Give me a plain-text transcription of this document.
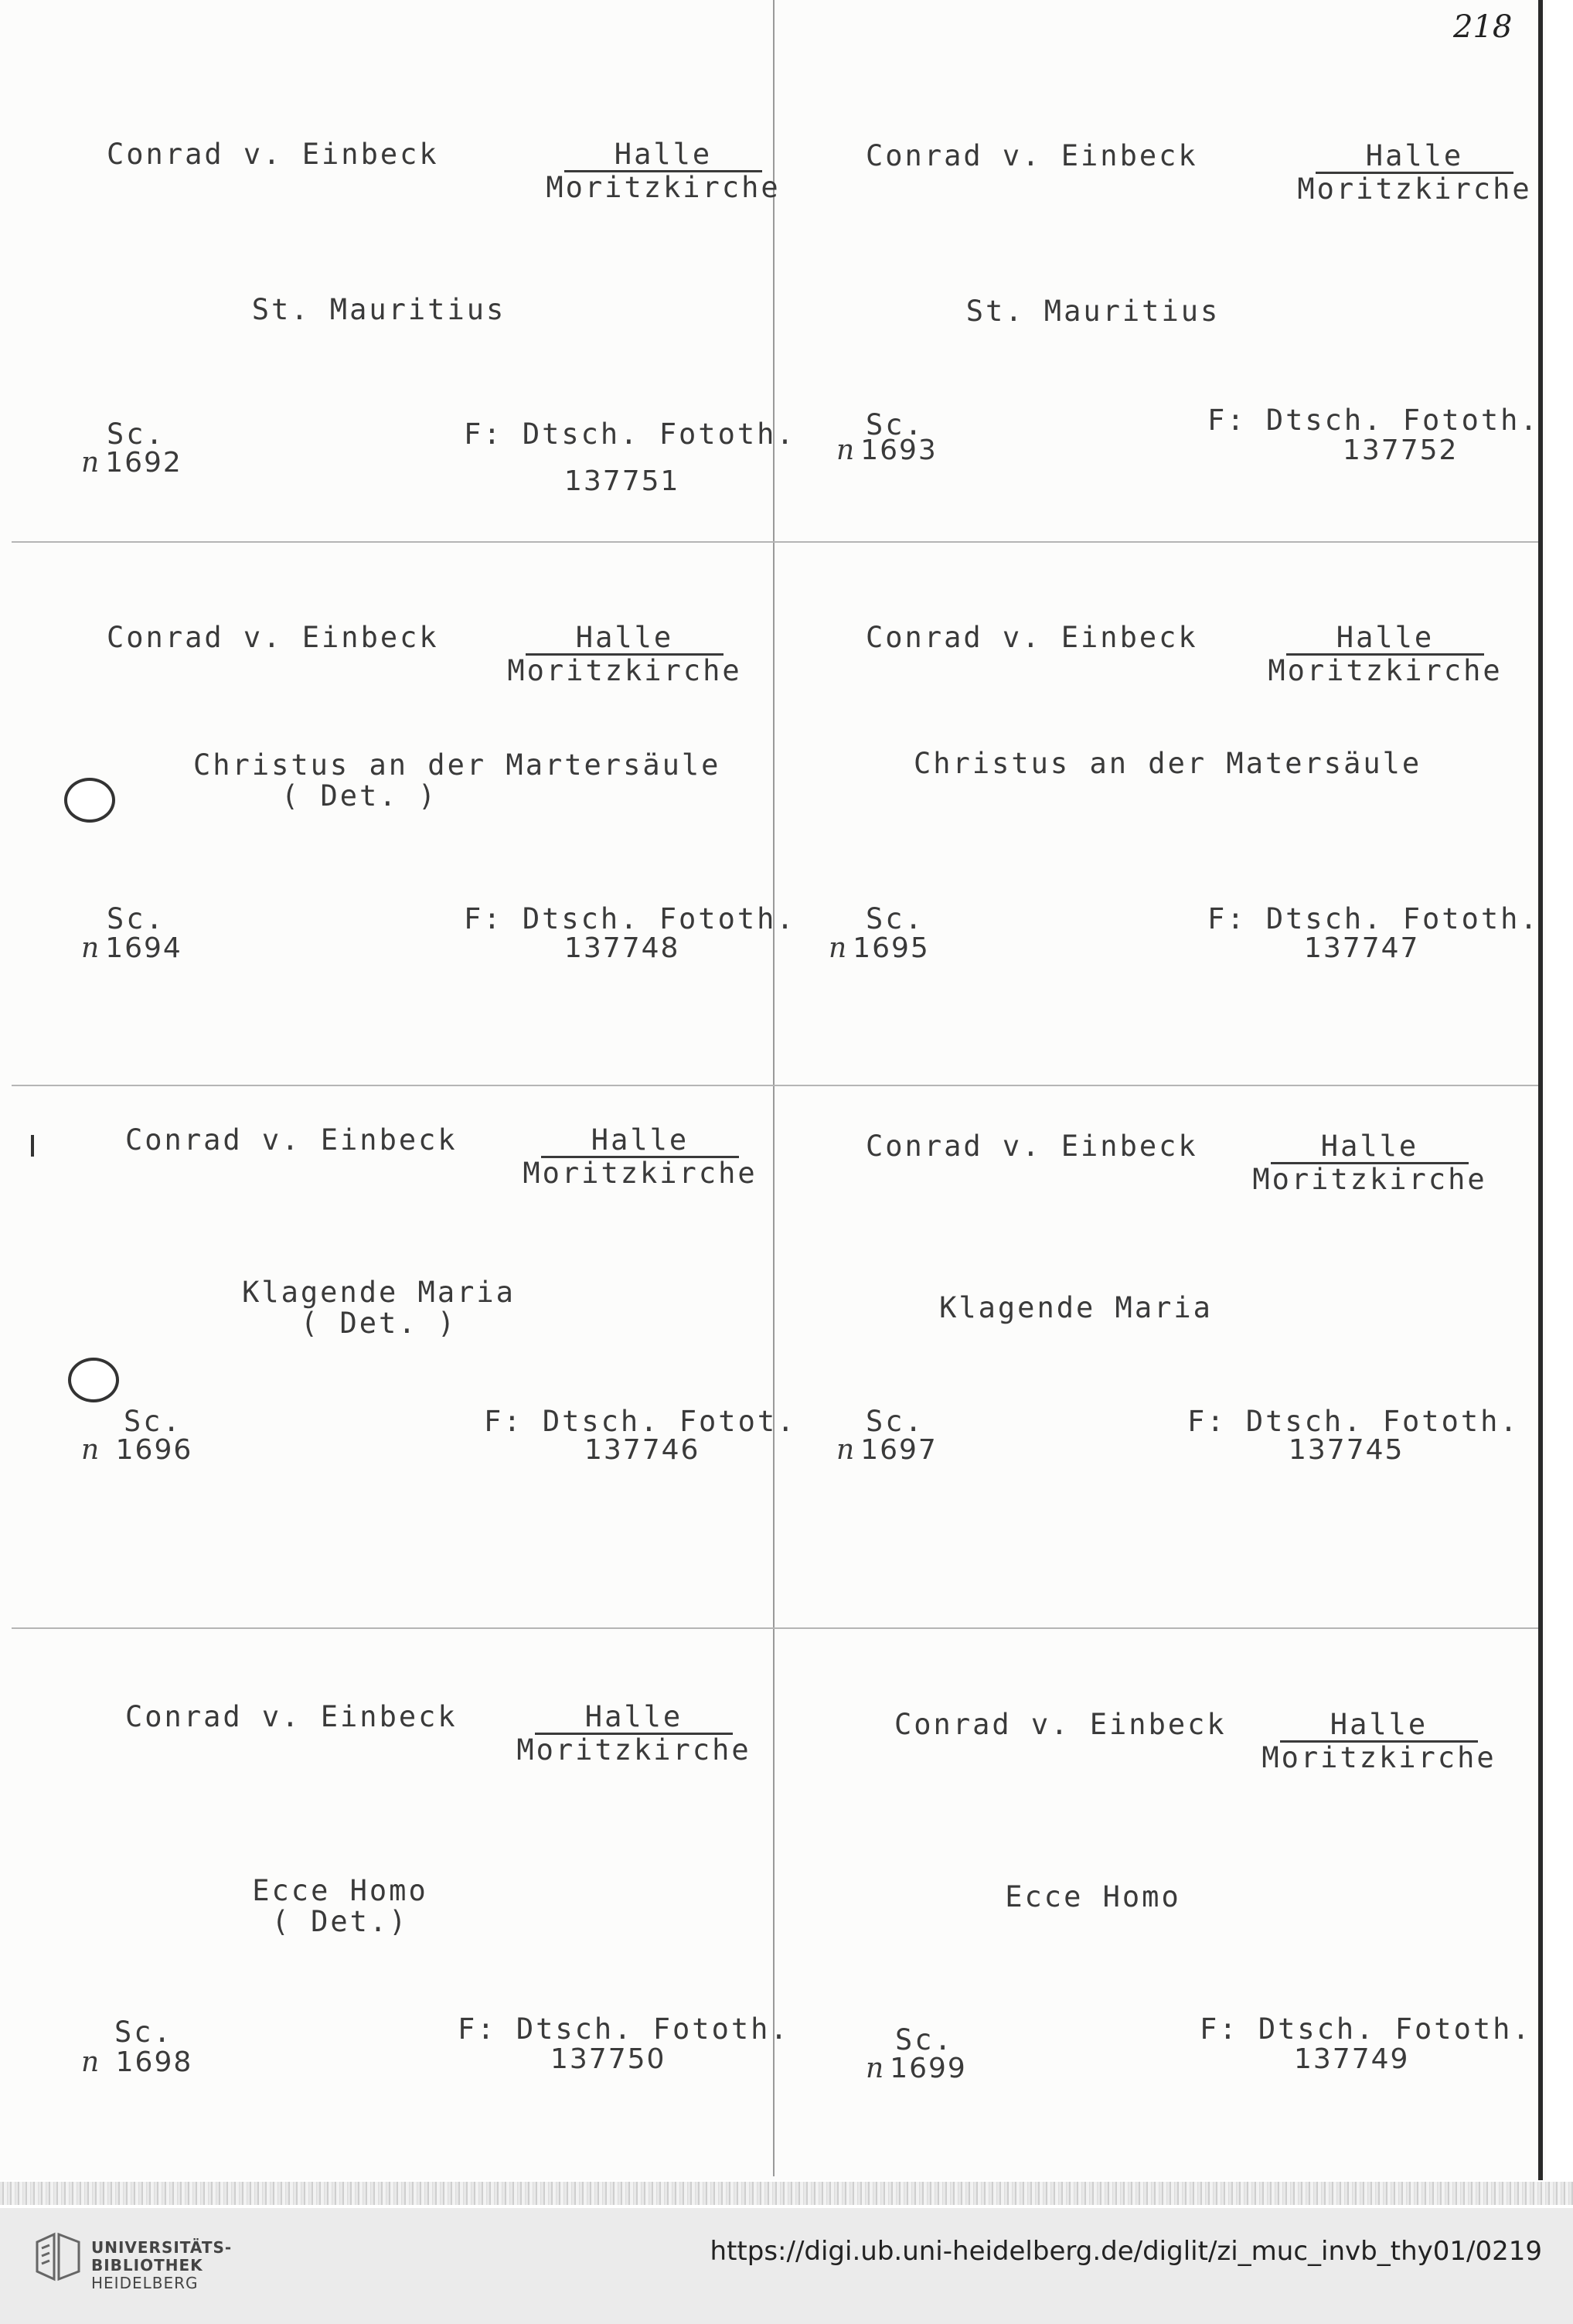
218
Conrad v. Einbeck	Halle
Moritzkirche
St. Mauritius
Sc.
n 1692
F: Dtsch. Fototh.
137751
Conrad v. Einbeck	Halle
Moritzkirche
St. Mauritius
Sc.
n 1693
F: Dtsch. Fototh.
137752
Conrad v. Einbeck	Halle
Moritzkirche
Christus an der Martersäule
( Det. )
Sc.
n 1694
F: Dtsch. Fototh.
137748
Conrad v. Einbeck	Halle
Moritzkirche
Christus an der Matersäule
Sc.
n 1695
F: Dtsch. Fototh.
137747
Conrad v. Einbeck	Halle
Moritzkirche
Klagende Maria
( Det. )
Sc.
n 1696
F: Dtsch. Fotot.
137746
Conrad v. Einbeck	Halle
Moritzkirche
Klagende Maria
Sc.
n 1697
F: Dtsch. Fototh.
137745
Conrad v. Einbeck	Halle
Moritzkirche
Ecce Homo
( Det.)
Sc.
n 1698
F: Dtsch. Fototh.
137750
Conrad v. Einbeck	Halle
Moritzkirche
Ecce Homo
Sc.
n 1699
F: Dtsch. Fototh.
137749
UNIVERSITÄTS-
BIBLIOTHEK
HEIDELBERG
https://digi.ub.uni-heidelberg.de/diglit/zi_muc_invb_thy01/0219
